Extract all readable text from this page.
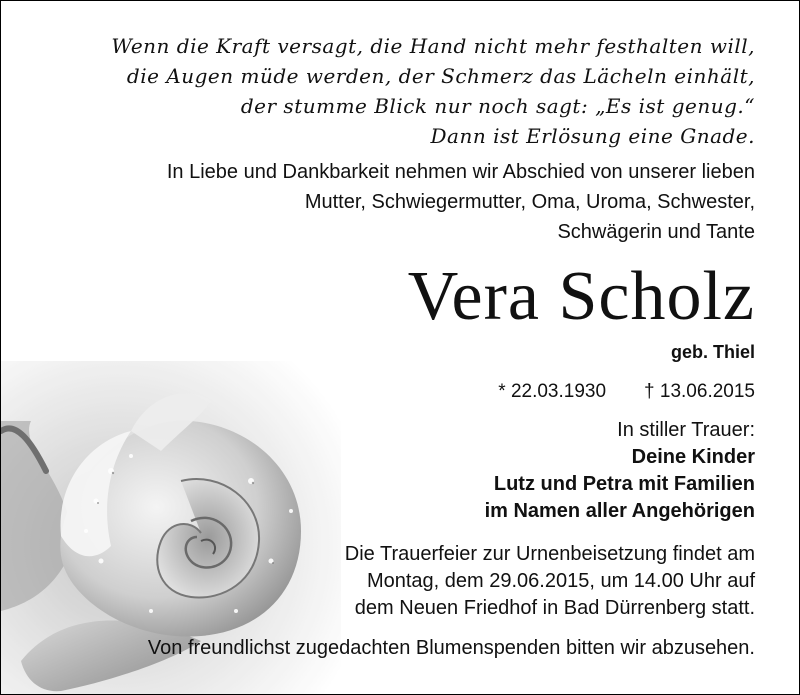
Wenn die Kraft versagt, die Hand nicht mehr festhalten will,
die Augen müde werden, der Schmerz das Lächeln einhält,
der stumme Blick nur noch sagt: „Es ist genug.“
Dann ist Erlösung eine Gnade.
In Liebe und Dankbarkeit nehmen wir Abschied von unserer lieben
Mutter, Schwiegermutter, Oma, Uroma, Schwester,
Schwägerin und Tante
Vera Scholz
geb. Thiel
* 22.03.1930 † 13.06.2015
In stiller Trauer:
Deine Kinder
Lutz und Petra mit Familien
im Namen aller Angehörigen
Die Trauerfeier zur Urnenbeisetzung findet am
Montag, dem 29.06.2015, um 14.00 Uhr auf
dem Neuen Friedhof in Bad Dürrenberg statt.
Von freundlichst zugedachten Blumenspenden bitten wir abzusehen.
